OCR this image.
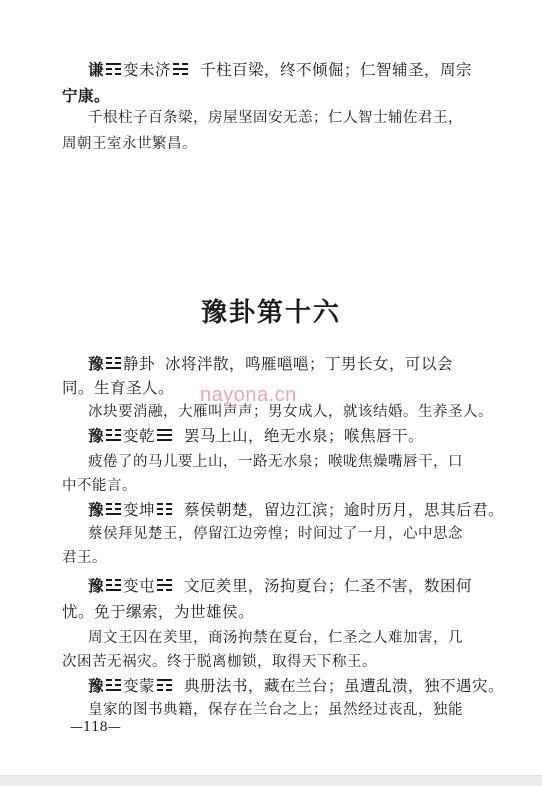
谦 变未济 千柱百梁，终不倾倔；仁智辅圣，周宗
宁康。
千根柱子百条梁，房屋坚固安无恙；仁人智士辅佐君王，
周朝王室永世繁昌。
豫卦第十六
豫 静卦 冰将泮散，鸣雁嗈嗈；丁男长女，可以会
同。生育圣人。	nayona.cn
冰块要消融，大雁叫声声；男女成人，就该结婚。生养圣人。
豫 变乾 罢马上山，绝无水泉；喉焦唇干。
疲倦了的马儿要上山，一路无水泉；喉咙焦燥嘴唇干，口
中不能言。
豫 变坤 蔡侯朝楚，留边江滨；逾时历月，思其后君。
蔡侯拜见楚王，停留江边旁惶；时间过了一月，心中思念
君王。
豫 变屯 文厄羑里，汤拘夏台；仁圣不害，数困何
忧。免于缧索，为世雄侯。
周文王囚在羑里，商汤拘禁在夏台，仁圣之人难加害，几
次困苦无祸灾。终于脱离枷锁，取得天下称王。
豫 变蒙 典册法书，藏在兰台；虽遭乱溃，独不遇灾。
皇家的图书典籍，保存在兰台之上；虽然经过丧乱，独能
—118—
